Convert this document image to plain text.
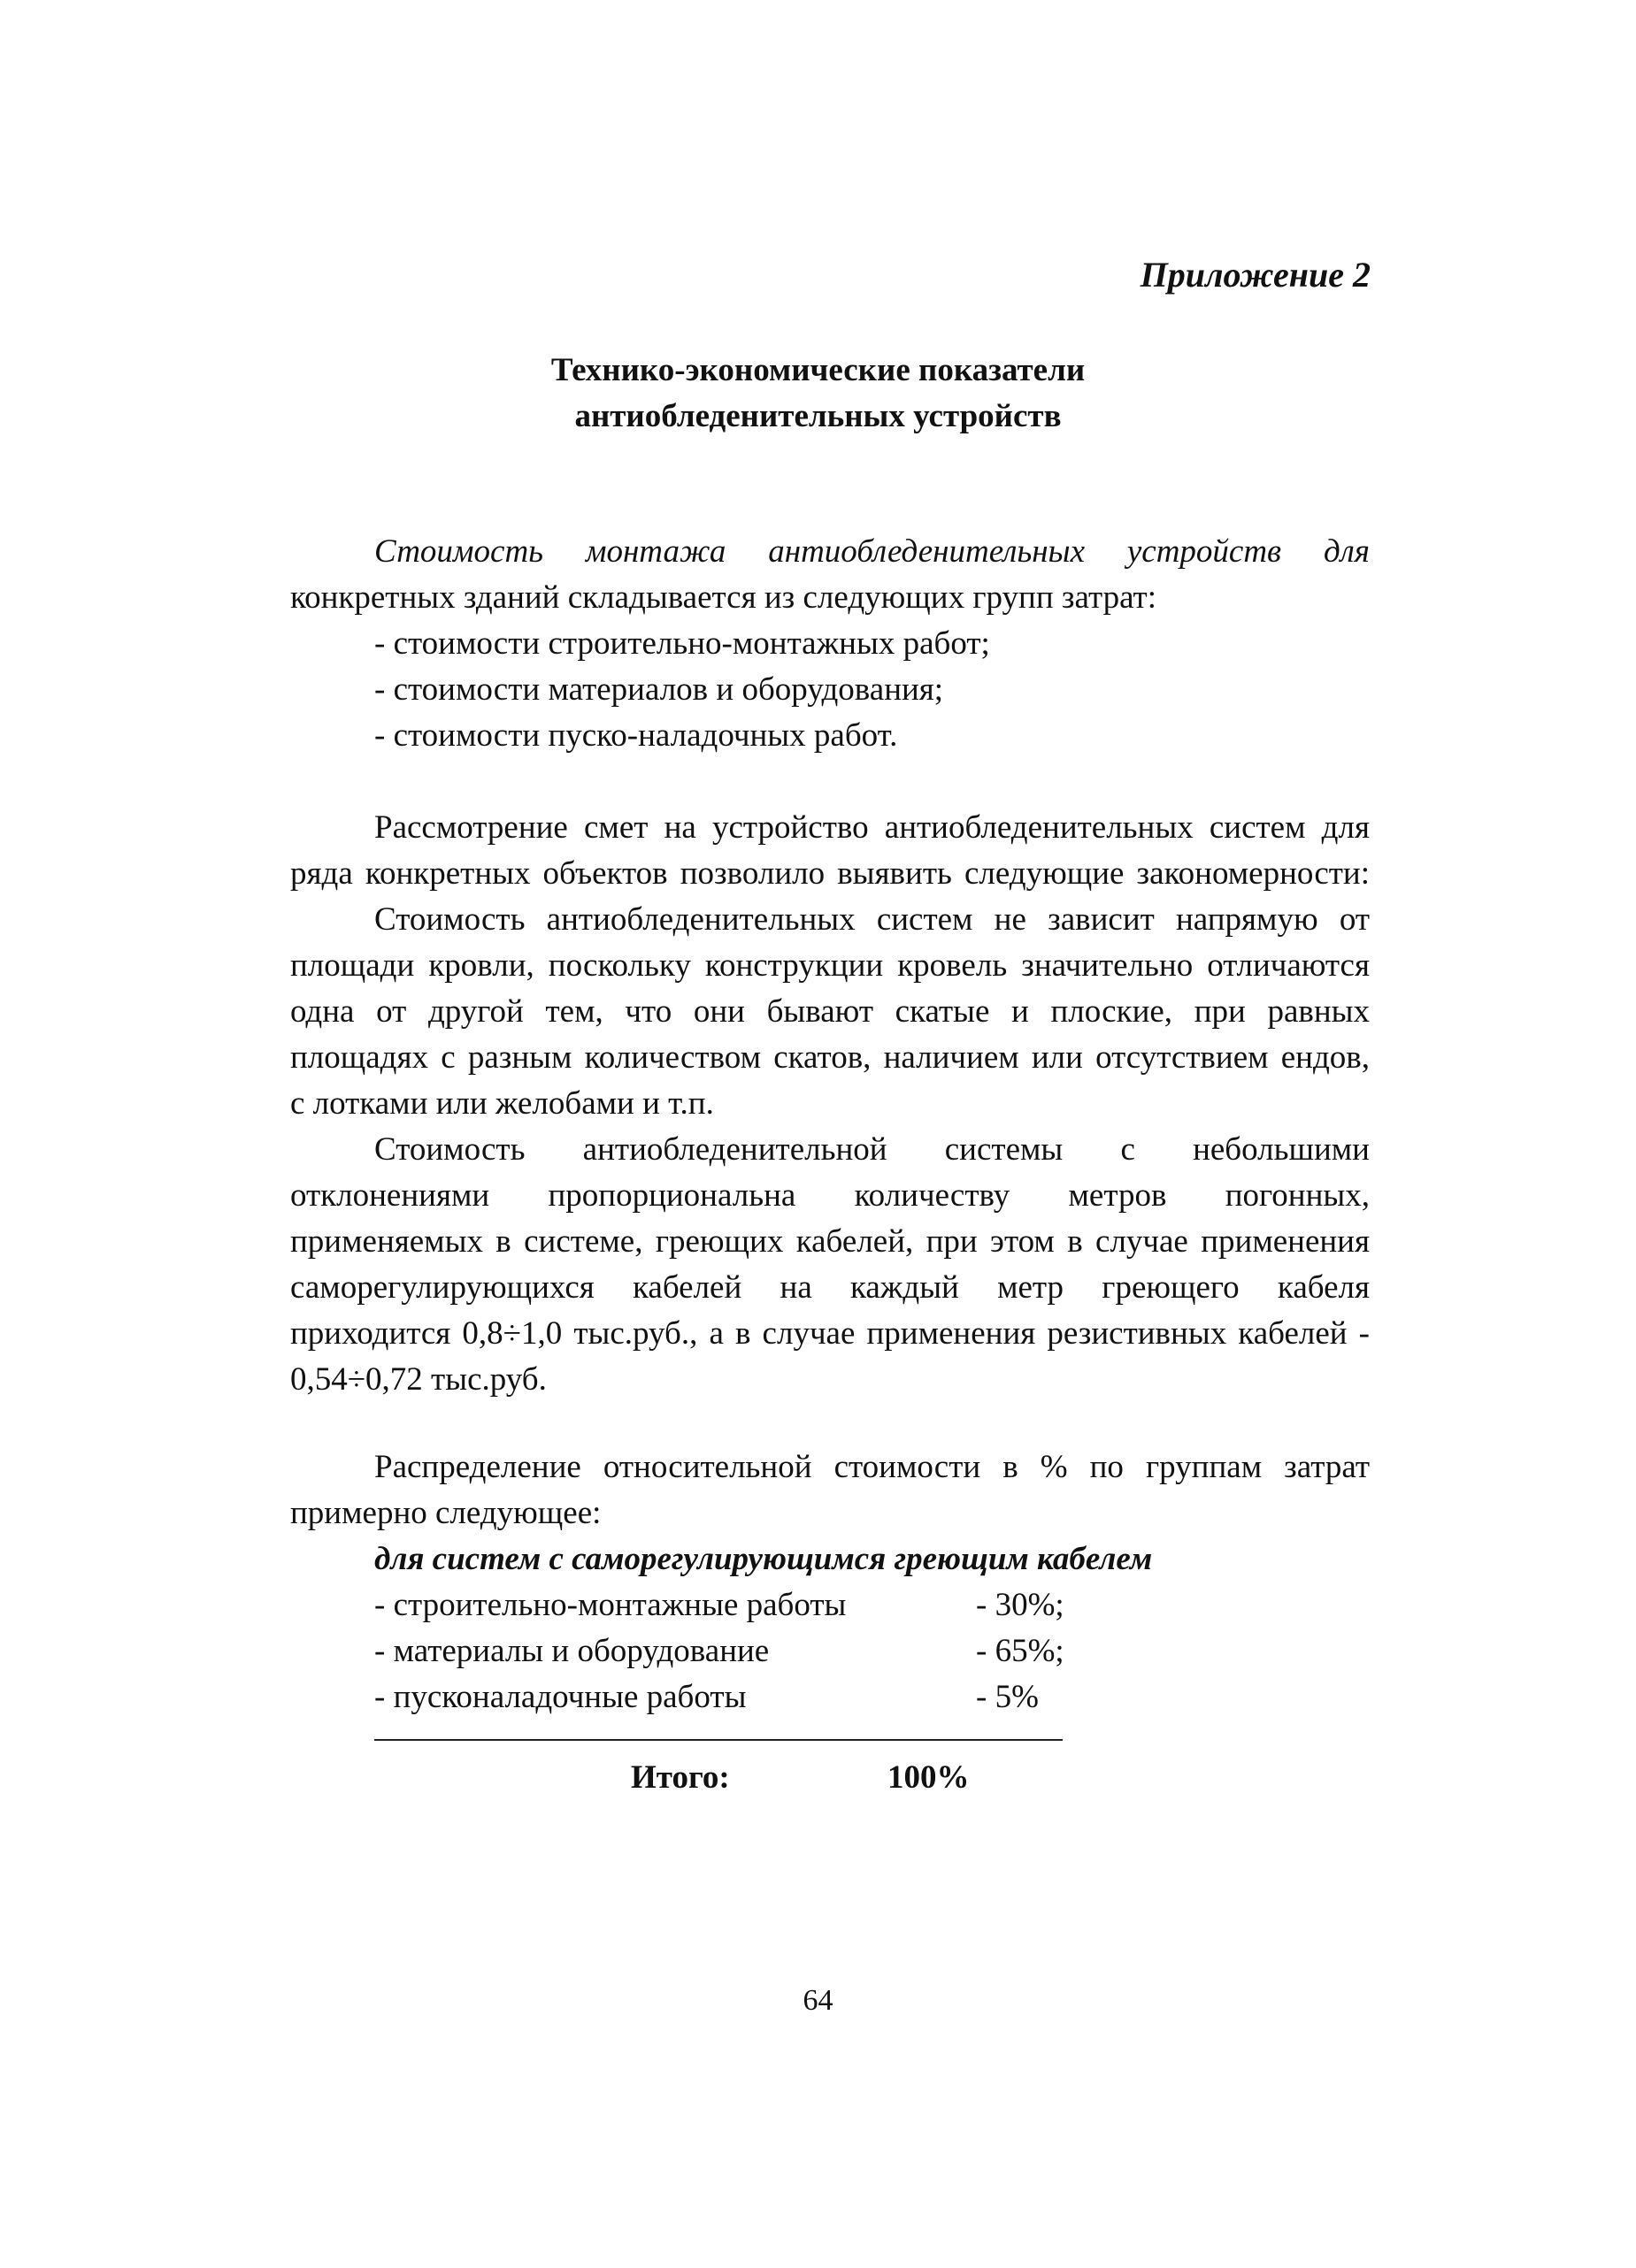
Приложение 2
Технико-экономические показатели
антиобледенительных устройств
Стоимость монтажа антиобледенительных устройств для
конкретных зданий складывается из следующих групп затрат:
- стоимости строительно-монтажных работ;
- стоимости материалов и оборудования;
- стоимости пуско-наладочных работ.
Рассмотрение смет на устройство антиобледенительных систем для
ряда конкретных объектов позволило выявить следующие закономерности:
Стоимость антиобледенительных систем не зависит напрямую от
площади кровли, поскольку конструкции кровель значительно отличаются
одна от другой тем, что они бывают скатые и плоские, при равных
площадях с разным количеством скатов, наличием или отсутствием ендов,
с лотками или желобами и т.п.
Стоимость антиобледенительной системы с небольшими
отклонениями пропорциональна количеству метров погонных,
применяемых в системе, греющих кабелей, при этом в случае применения
саморегулирующихся кабелей на каждый метр греющего кабеля
приходится 0,8÷1,0 тыс.руб., а в случае применения резистивных кабелей -
0,54÷0,72 тыс.руб.
Распределение относительной стоимости в % по группам затрат
примерно следующее:
для систем с саморегулирующимся греющим кабелем
- строительно-монтажные работы	- 30%;
- материалы и оборудование	- 65%;
- пусконаладочные работы	- 5%
Итого:	100%
64
